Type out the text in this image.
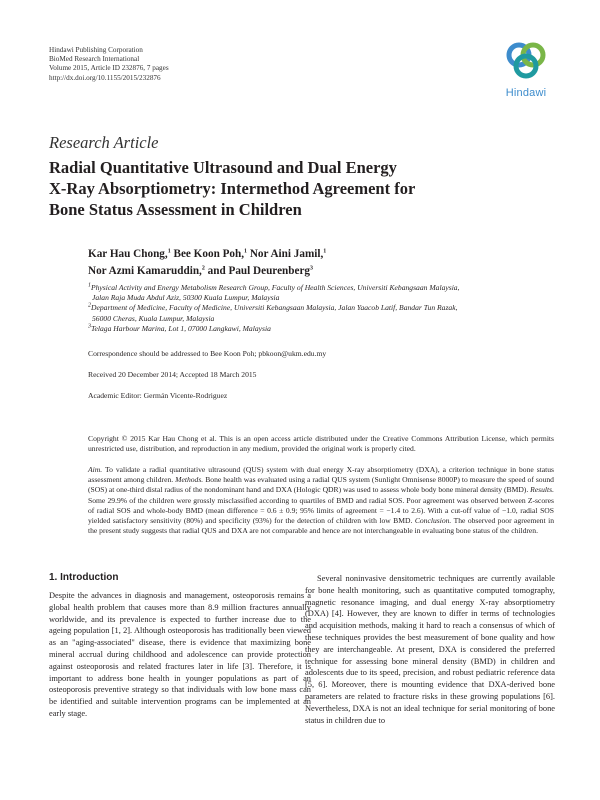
Hindawi Publishing Corporation
BioMed Research International
Volume 2015, Article ID 232876, 7 pages
http://dx.doi.org/10.1155/2015/232876
Hindawi
Research Article
Radial Quantitative Ultrasound and Dual Energy
X-Ray Absorptiometry: Intermethod Agreement for
Bone Status Assessment in Children
Kar Hau Chong,$^1$ Bee Koon Poh,$^1$ Nor Aini Jamil,$^1$
Nor Azmi Kamaruddin,$^2$ and Paul Deurenberg$^3$
$^1$Physical Activity and Energy Metabolism Research Group, Faculty of Health Sciences, Universiti Kebangsaan Malaysia,
Jalan Raja Muda Abdul Aziz, 50300 Kuala Lumpur, Malaysia
$^2$Department of Medicine, Faculty of Medicine, Universiti Kebangsaan Malaysia, Jalan Yaacob Latif, Bandar Tun Razak,
56000 Cheras, Kuala Lumpur, Malaysia
$^3$Telaga Harbour Marina, Lot 1, 07000 Langkawi, Malaysia
Correspondence should be addressed to Bee Koon Poh; pbkoon@ukm.edu.my
Received 20 December 2014; Accepted 18 March 2015
Academic Editor: Germán Vicente-Rodriguez
Copyright © 2015 Kar Hau Chong et al. This is an open access article distributed under the Creative Commons Attribution License, which permits unrestricted use, distribution, and reproduction in any medium, provided the original work is properly cited.
Aim. To validate a radial quantitative ultrasound (QUS) system with dual energy X-ray absorptiometry (DXA), a criterion technique in bone status assessment among children. Methods. Bone health was evaluated using a radial QUS system (Sunlight Omnisense 8000P) to measure the speed of sound (SOS) at one-third distal radius of the nondominant hand and DXA (Hologic QDR) was used to assess whole body bone mineral density (BMD). Results. Some 29.9% of the children were grossly misclassified according to quartiles of BMD and radial SOS. Poor agreement was observed between Z-scores of radial SOS and whole-body BMD (mean difference = 0.6 ± 0.9; 95% limits of agreement = −1.4 to 2.6). With a cut-off value of −1.0, radial SOS yielded satisfactory sensitivity (80%) and specificity (93%) for the detection of children with low BMD. Conclusion. The observed poor agreement in the present study suggests that radial QUS and DXA are not comparable and hence are not interchangeable in evaluating bone status of the children.
1. Introduction

Despite the advances in diagnosis and management, osteoporosis remains a global health problem that causes more than 8.9 million fractures annually worldwide, and its prevalence is expected to further increase due to the ageing population [1, 2]. Although osteoporosis has traditionally been viewed as an "aging-associated" disease, there is evidence that maximizing bone mineral accrual during childhood and adolescence can provide protection against osteoporosis and related fractures later in life [3]. Therefore, it is important to address bone health in younger populations as part of an osteoporosis preventive strategy so that individuals with low bone mass can be identified and suitable intervention programs can be implemented at an early stage.

Several noninvasive densitometric techniques are currently available for bone health monitoring, such as quantitative computed tomography, magnetic resonance imaging, and dual energy X-ray absorptiometry (DXA) [4]. However, they are known to differ in terms of technologies and acquisition methods, making it hard to reach a consensus of which of these techniques provides the best measurement of bone quality and how they are interchangeable. At present, DXA is considered the preferred technique for assessing bone mineral density (BMD) in children and adolescents due to its speed, precision, and robust pediatric reference data [5, 6]. Moreover, there is mounting evidence that DXA-derived bone parameters are related to fracture risks in these growing populations [6]. Nevertheless, DXA is not an ideal technique for serial monitoring of bone status in children due to
